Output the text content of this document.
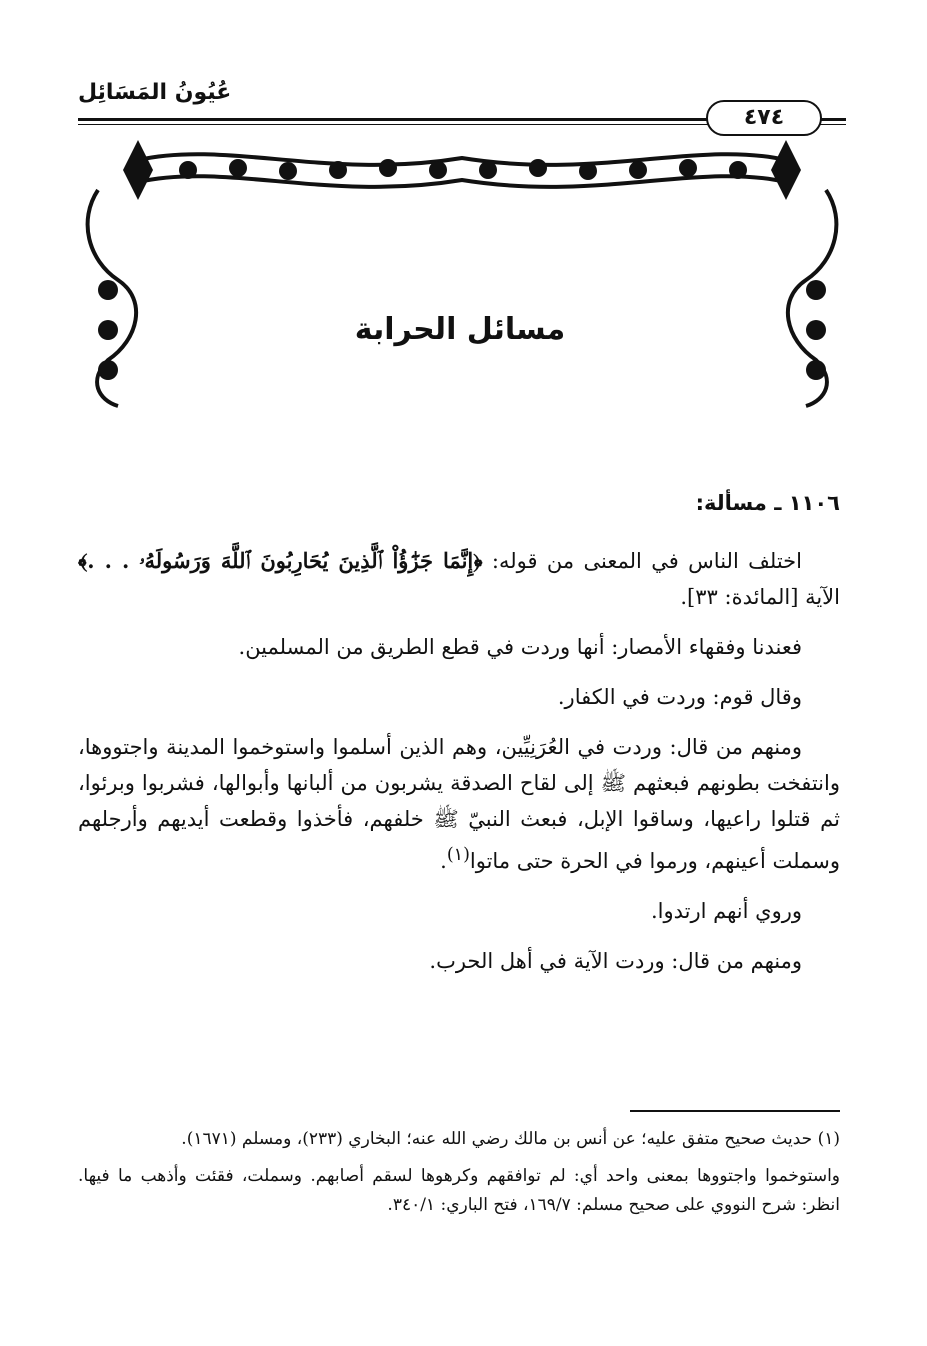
عُيُونُ المَسَائِل
٤٧٤
مسائل الحرابة

١١٠٦ ـ مسألة:

اختلف الناس في المعنى من قوله: ﴿إِنَّمَا جَزَٰٓؤُاْ ٱلَّذِينَ يُحَارِبُونَ ٱللَّهَ وَرَسُولَهُۥ . . .﴾ الآية [المائدة: ٣٣].

فعندنا وفقهاء الأمصار: أنها وردت في قطع الطريق من المسلمين.

وقال قوم: وردت في الكفار.

ومنهم من قال: وردت في العُرَنِيِّين، وهم الذين أسلموا واستوخموا المدينة واجتووها، وانتفخت بطونهم فبعثهم ﷺ إلى لقاح الصدقة يشربون من ألبانها وأبوالها، فشربوا وبرئوا، ثم قتلوا راعيها، وساقوا الإبل، فبعث النبيّ ﷺ خلفهم، فأخذوا وقطعت أيديهم وأرجلهم وسملت أعينهم، ورموا في الحرة حتى ماتوا$^{(١)}$.

وروي أنهم ارتدوا.

ومنهم من قال: وردت الآية في أهل الحرب.

(١) حديث صحيح متفق عليه؛ عن أنس بن مالك رضي الله عنه؛ البخاري (٢٣٣)، ومسلم (١٦٧١).

واستوخموا واجتووها بمعنى واحد أي: لم توافقهم وكرهوها لسقم أصابهم. وسملت، فقئت وأذهب ما فيها. انظر: شرح النووي على صحيح مسلم: ١٦٩/٧، فتح الباري: ٣٤٠/١.
